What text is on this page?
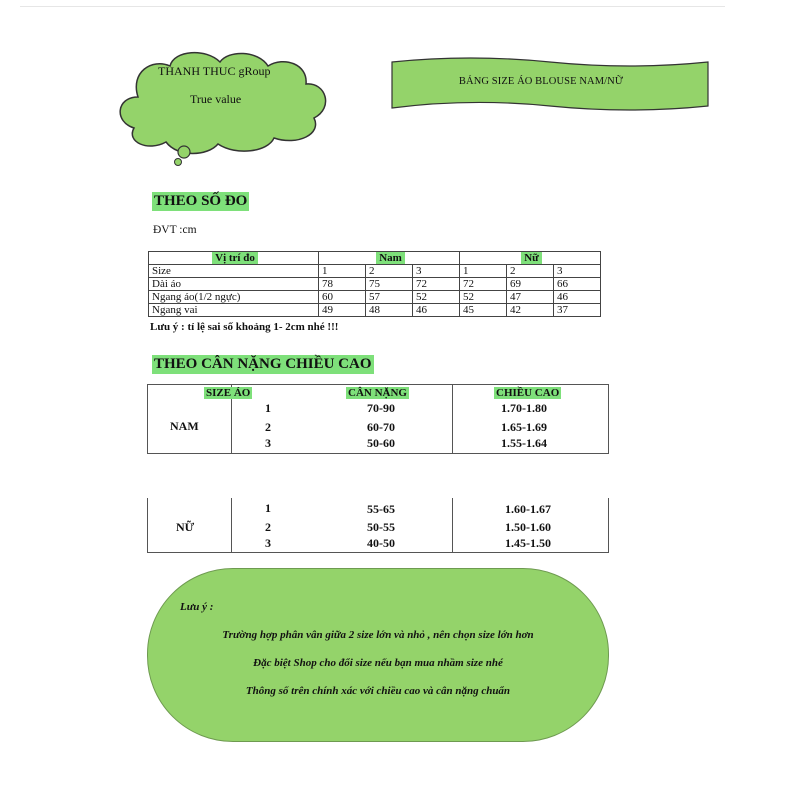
THANH THUC gRoup
True value
BẢNG SIZE ÁO BLOUSE NAM/NỮ
THEO SỐ ĐO
ĐVT :cm
Vị trí đo	Nam			Nữ		
Size	1	2	3	1	2	3
Dài áo	78	75	72	72	69	66
Ngang áo(1/2 ngực)	60	57	52	52	47	46
Ngang vai	49	48	46	45	42	37
Lưu ý : tỉ lệ sai số khoảng 1- 2cm nhé !!!
THEO CÂN NẶNG CHIỀU CAO
SIZE ÁO	CÂN NẶNG	CHIỀU CAO
NAM
1	70-90	1.70-1.80
2	60-70	1.65-1.69
3	50-60	1.55-1.64
NỮ
1	55-65	1.60-1.67
2	50-55	1.50-1.60
3	40-50	1.45-1.50
Lưu ý :
Trường hợp phân vân giữa 2 size lớn và nhỏ , nên chọn size lớn hơn
Đặc biệt Shop cho đổi size nếu bạn mua nhầm size nhé
Thông số trên chính xác với chiều cao và cân nặng chuẩn
